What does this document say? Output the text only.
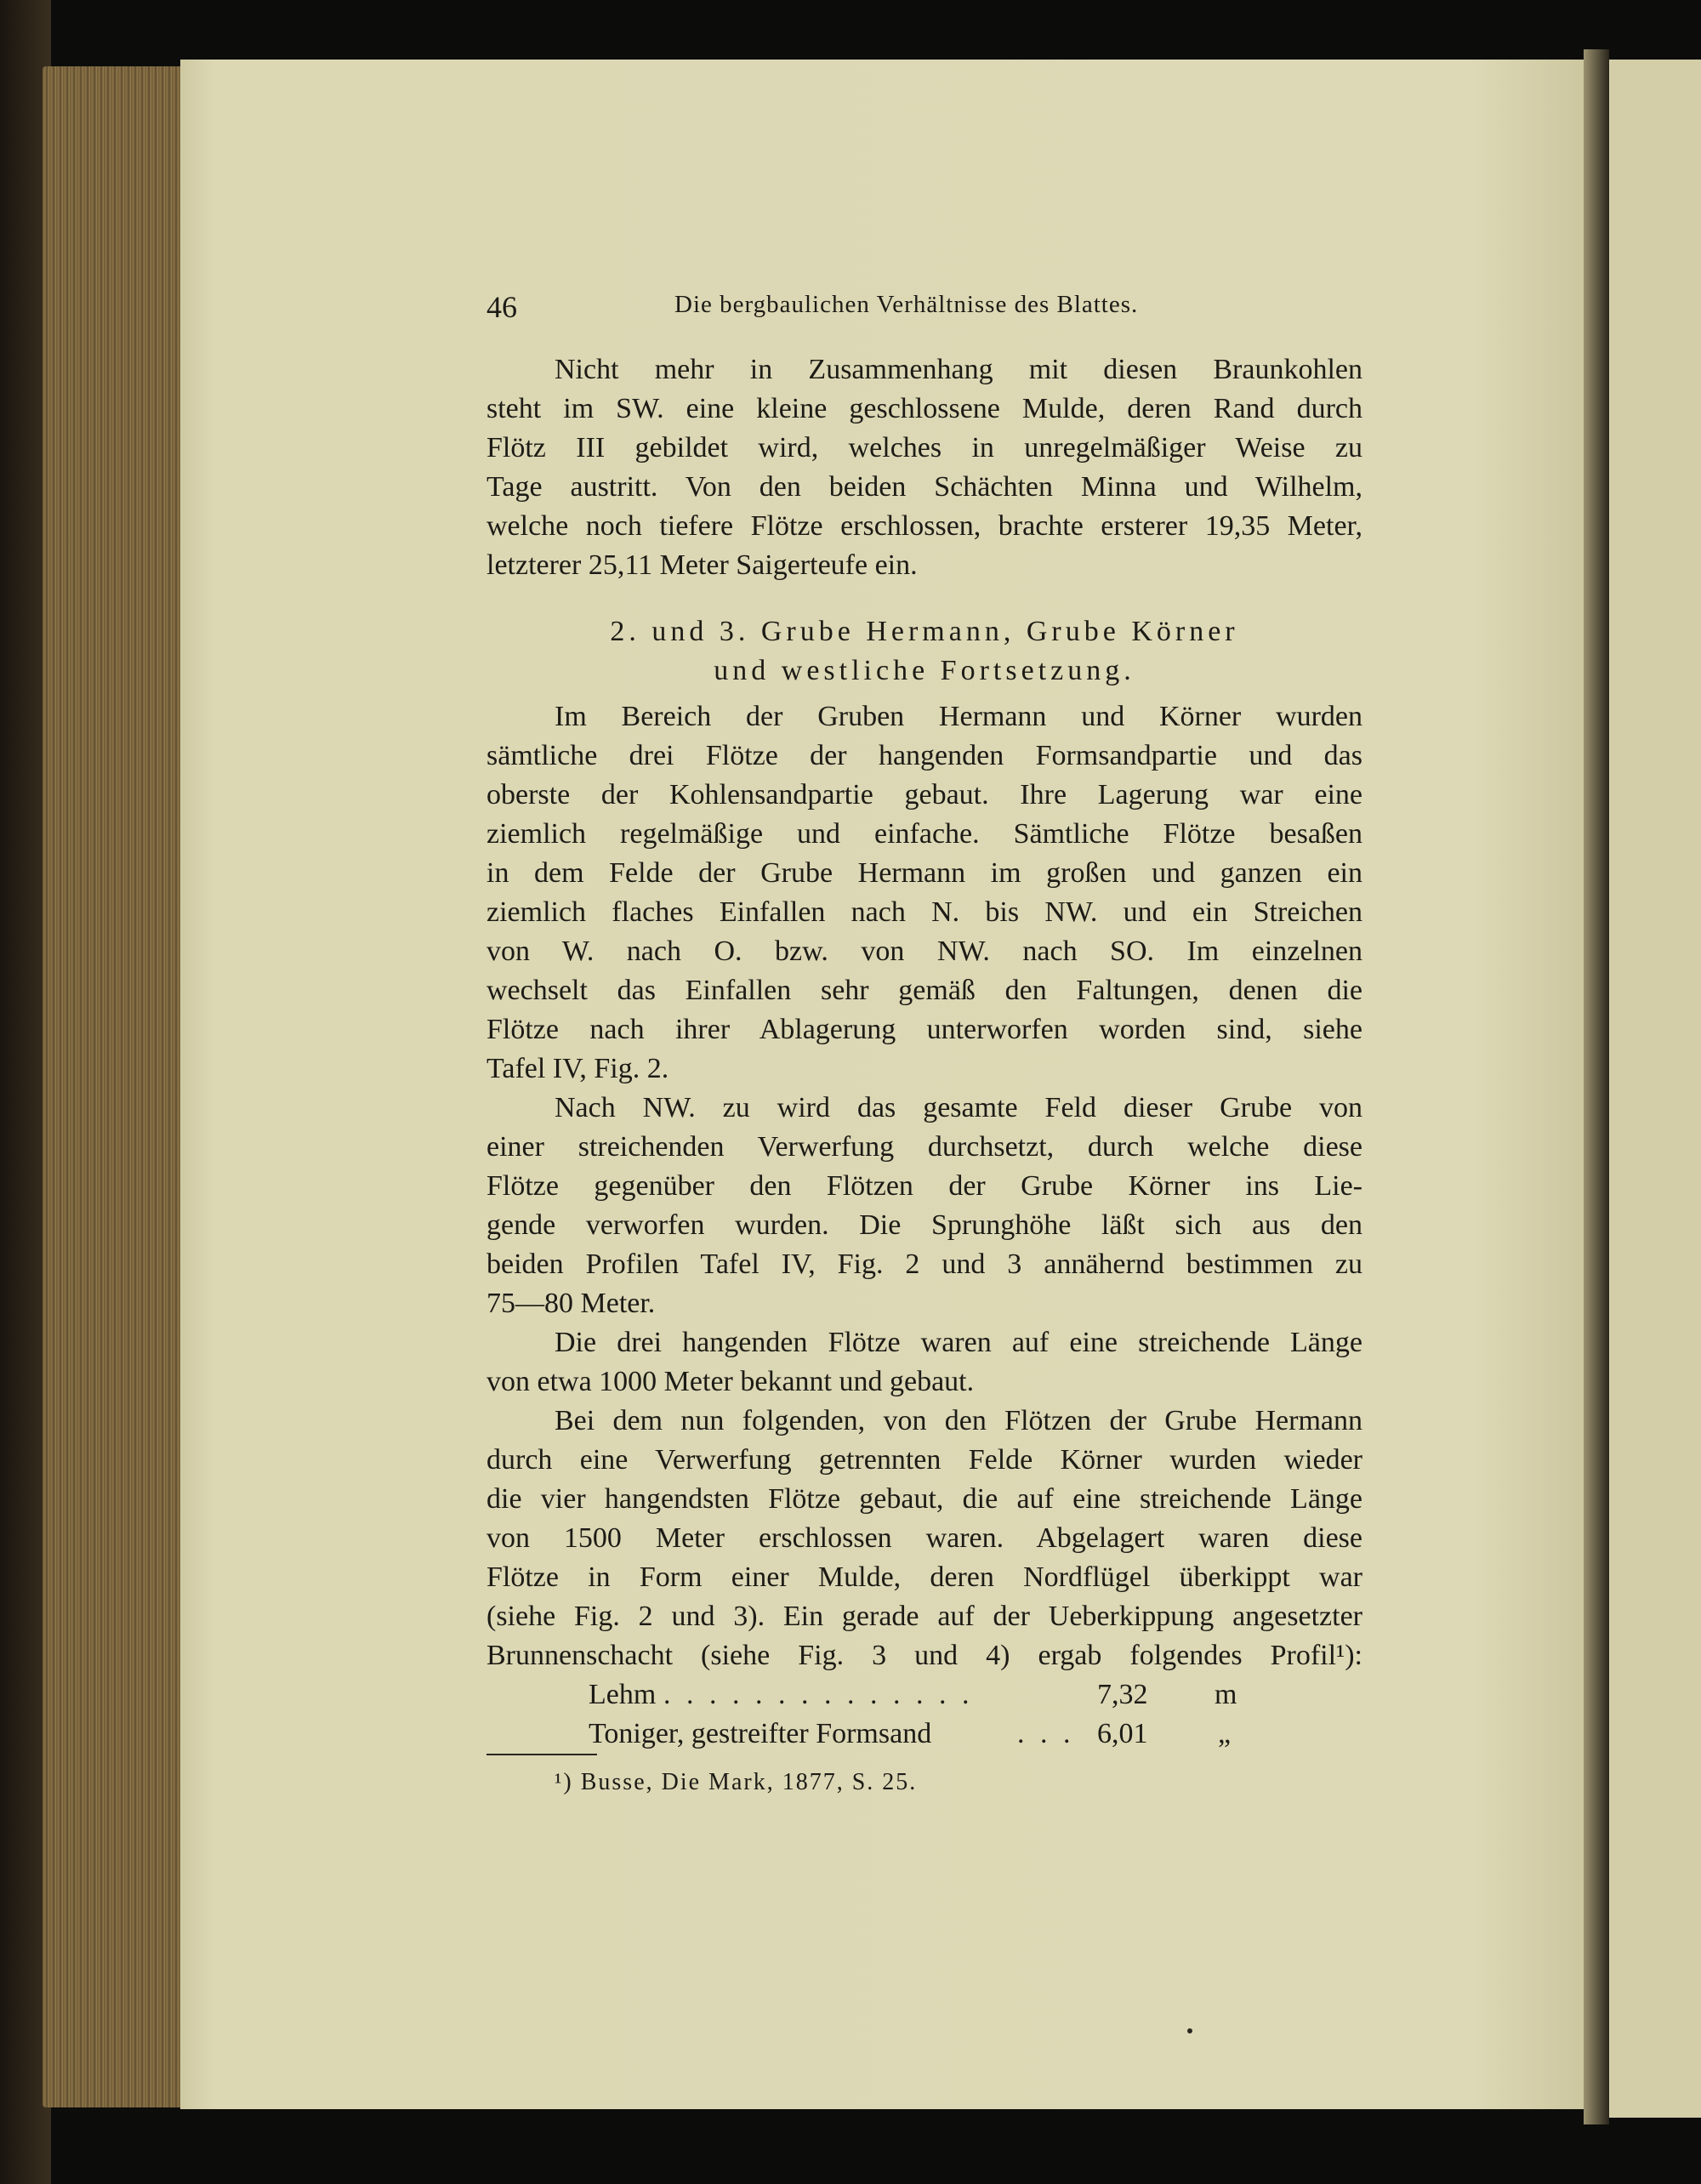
46	Die bergbaulichen Verhältnisse des Blattes.
Nicht mehr in Zusammenhang mit diesen Braunkohlen
steht im SW. eine kleine geschlossene Mulde, deren Rand durch
Flötz III gebildet wird, welches in unregelmäßiger Weise zu
Tage austritt. Von den beiden Schächten Minna und Wilhelm,
welche noch tiefere Flötze erschlossen, brachte ersterer 19,35 Meter,
letzterer 25,11 Meter Saigerteufe ein.
2. und 3. Grube Hermann, Grube Körner
und westliche Fortsetzung.
Im Bereich der Gruben Hermann und Körner wurden
sämtliche drei Flötze der hangenden Formsandpartie und das
oberste der Kohlensandpartie gebaut. Ihre Lagerung war eine
ziemlich regelmäßige und einfache. Sämtliche Flötze besaßen
in dem Felde der Grube Hermann im großen und ganzen ein
ziemlich flaches Einfallen nach N. bis NW. und ein Streichen
von W. nach O. bzw. von NW. nach SO. Im einzelnen
wechselt das Einfallen sehr gemäß den Faltungen, denen die
Flötze nach ihrer Ablagerung unterworfen worden sind, siehe
Tafel IV, Fig. 2.
Nach NW. zu wird das gesamte Feld dieser Grube von
einer streichenden Verwerfung durchsetzt, durch welche diese
Flötze gegenüber den Flötzen der Grube Körner ins Lie-
gende verworfen wurden. Die Sprunghöhe läßt sich aus den
beiden Profilen Tafel IV, Fig. 2 und 3 annähernd bestimmen zu
75—80 Meter.
Die drei hangenden Flötze waren auf eine streichende Länge
von etwa 1000 Meter bekannt und gebaut.
Bei dem nun folgenden, von den Flötzen der Grube Hermann
durch eine Verwerfung getrennten Felde Körner wurden wieder
die vier hangendsten Flötze gebaut, die auf eine streichende Länge
von 1500 Meter erschlossen waren. Abgelagert waren diese
Flötze in Form einer Mulde, deren Nordflügel überkippt war
(siehe Fig. 2 und 3). Ein gerade auf der Ueberkippung angesetzter
Brunnenschacht (siehe Fig. 3 und 4) ergab folgendes Profil¹):
Lehm . . . . . . . . . . . . . .	7,32 m
Toniger, gestreifter Formsand	. . . 6,01 „
¹) Busse, Die Mark, 1877, S. 25.
